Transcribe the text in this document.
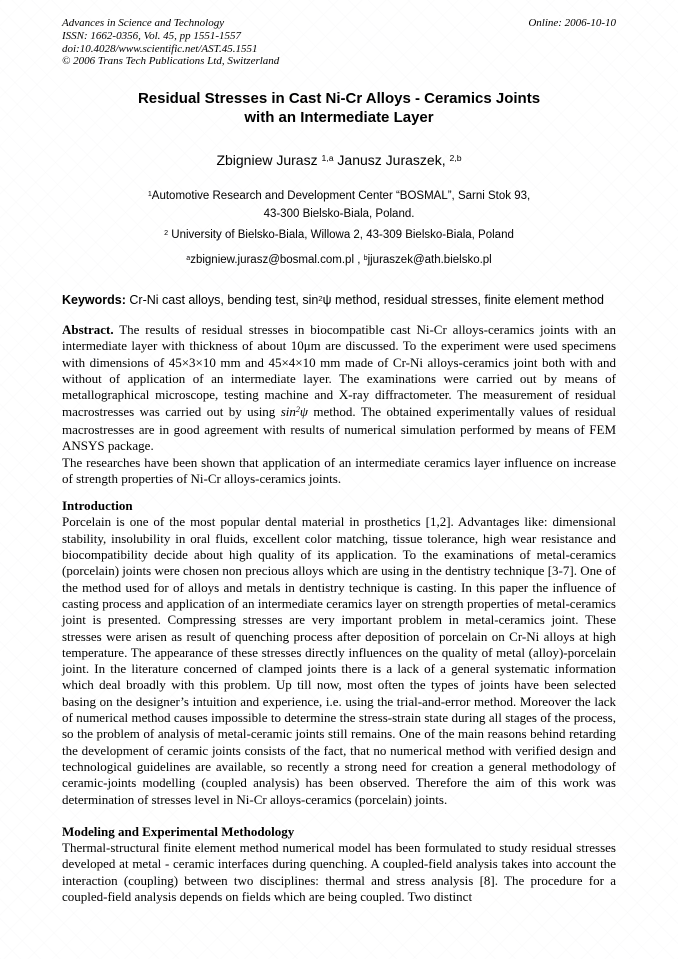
Advances in Science and Technology
ISSN: 1662-0356, Vol. 45, pp 1551-1557
doi:10.4028/www.scientific.net/AST.45.1551
© 2006 Trans Tech Publications Ltd, Switzerland
Online: 2006-10-10
Residual Stresses in Cast Ni-Cr Alloys - Ceramics Joints
with an Intermediate Layer
Zbigniew Jurasz $^{1,a}$ Janusz Juraszek, $^{2,b}$
$^1$Automotive Research and Development Center “BOSMAL”, Sarni Stok 93,
43-300 Bielsko-Biala, Poland.
$^2$ University of Bielsko-Biala, Willowa 2, 43-309 Bielsko-Biala, Poland
$^a$zbigniew.jurasz@bosmal.com.pl , $^b$jjuraszek@ath.bielsko.pl
Keywords: Cr-Ni cast alloys, bending test, $\sin^2\psi$ method, residual stresses, finite element method
Abstract. The results of residual stresses in biocompatible cast Ni-Cr alloys-ceramics joints with an intermediate layer with thickness of about 10μm are discussed. To the experiment were used specimens with dimensions of 45×3×10 mm and 45×4×10 mm made of Cr-Ni alloys-ceramics joint both with and without of application of an intermediate layer. The examinations were carried out by means of metallographical microscope, testing machine and X-ray diffractometer. The measurement of residual macrostresses was carried out by using $\sin^2\psi$ method. The obtained experimentally values of residual macrostresses are in good agreement with results of numerical simulation performed by means of FEM ANSYS package.
The researches have been shown that application of an intermediate ceramics layer influence on increase of strength properties of Ni-Cr alloys-ceramics joints.
Introduction
Porcelain is one of the most popular dental material in prosthetics [1,2]. Advantages like: dimensional stability, insolubility in oral fluids, excellent color matching, tissue tolerance, high wear resistance and biocompatibility decide about high quality of its application. To the examinations of metal-ceramics (porcelain) joints were chosen non precious alloys which are using in the dentistry technique [3-7]. One of the method used for of alloys and metals in dentistry technique is casting. In this paper the influence of casting process and application of an intermediate ceramics layer on strength properties of metal-ceramics joint is presented. Compressing stresses are very important problem in metal-ceramics joint. These stresses were arisen as result of quenching process after deposition of porcelain on Cr-Ni alloys at high temperature. The appearance of these stresses directly influences on the quality of metal (alloy)-porcelain joint. In the literature concerned of clamped joints there is a lack of a general systematic information which deal broadly with this problem. Up till now, most often the types of joints have been selected basing on the designer’s intuition and experience, i.e. using the trial-and-error method. Moreover the lack of numerical method causes impossible to determine the stress-strain state during all stages of the process, so the problem of analysis of metal-ceramic joints still remains. One of the main reasons behind retarding the development of ceramic joints consists of the fact, that no numerical method with verified design and technological guidelines are available, so recently a strong need for creation a general methodology of ceramic-joints modelling (coupled analysis) has been observed. Therefore the aim of this work was determination of stresses level in Ni-Cr alloys-ceramics (porcelain) joints.
Modeling and Experimental Methodology
Thermal-structural finite element method numerical model has been formulated to study residual stresses developed at metal - ceramic interfaces during quenching. A coupled-field analysis takes into account the interaction (coupling) between two disciplines: thermal and stress analysis [8]. The procedure for a coupled-field analysis depends on fields which are being coupled. Two distinct
